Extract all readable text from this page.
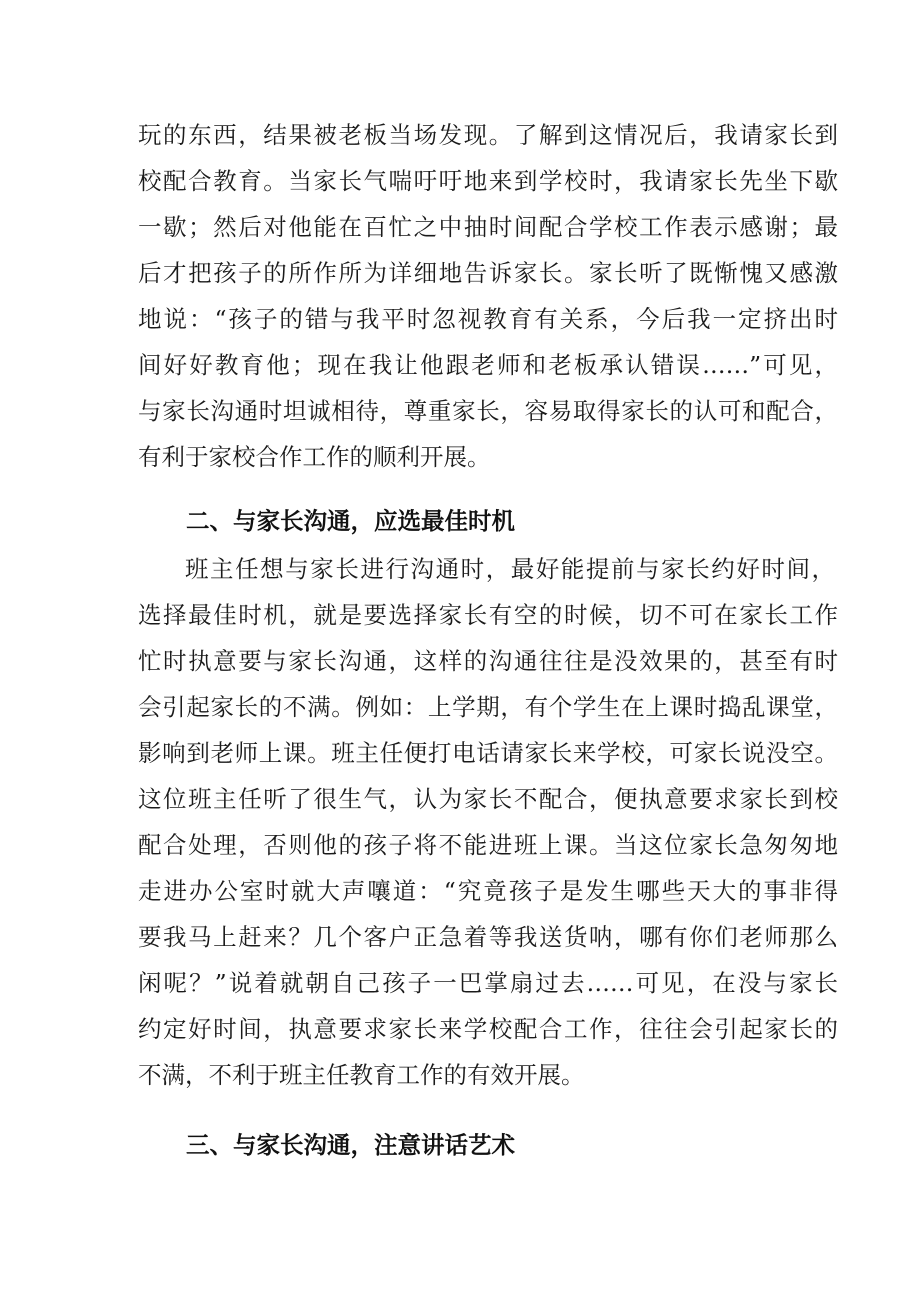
玩的东西，结果被老板当场发现。了解到这情况后，我请家长到
校配合教育。当家长气喘吁吁地来到学校时，我请家长先坐下歇
一歇；然后对他能在百忙之中抽时间配合学校工作表示感谢；最
后才把孩子的所作所为详细地告诉家长。家长听了既惭愧又感激
地说：“孩子的错与我平时忽视教育有关系，今后我一定挤出时
间好好教育他；现在我让他跟老师和老板承认错误……”可见，
与家长沟通时坦诚相待，尊重家长，容易取得家长的认可和配合，
有利于家校合作工作的顺利开展。
二、与家长沟通，应选最佳时机
班主任想与家长进行沟通时，最好能提前与家长约好时间，
选择最佳时机，就是要选择家长有空的时候，切不可在家长工作
忙时执意要与家长沟通，这样的沟通往往是没效果的，甚至有时
会引起家长的不满。例如：上学期，有个学生在上课时捣乱课堂，
影响到老师上课。班主任便打电话请家长来学校，可家长说没空。
这位班主任听了很生气，认为家长不配合，便执意要求家长到校
配合处理，否则他的孩子将不能进班上课。当这位家长急匆匆地
走进办公室时就大声嚷道：“究竟孩子是发生哪些天大的事非得
要我马上赶来？几个客户正急着等我送货呐，哪有你们老师那么
闲呢？”说着就朝自己孩子一巴掌扇过去……可见，在没与家长
约定好时间，执意要求家长来学校配合工作，往往会引起家长的
不满，不利于班主任教育工作的有效开展。
三、与家长沟通，注意讲话艺术
